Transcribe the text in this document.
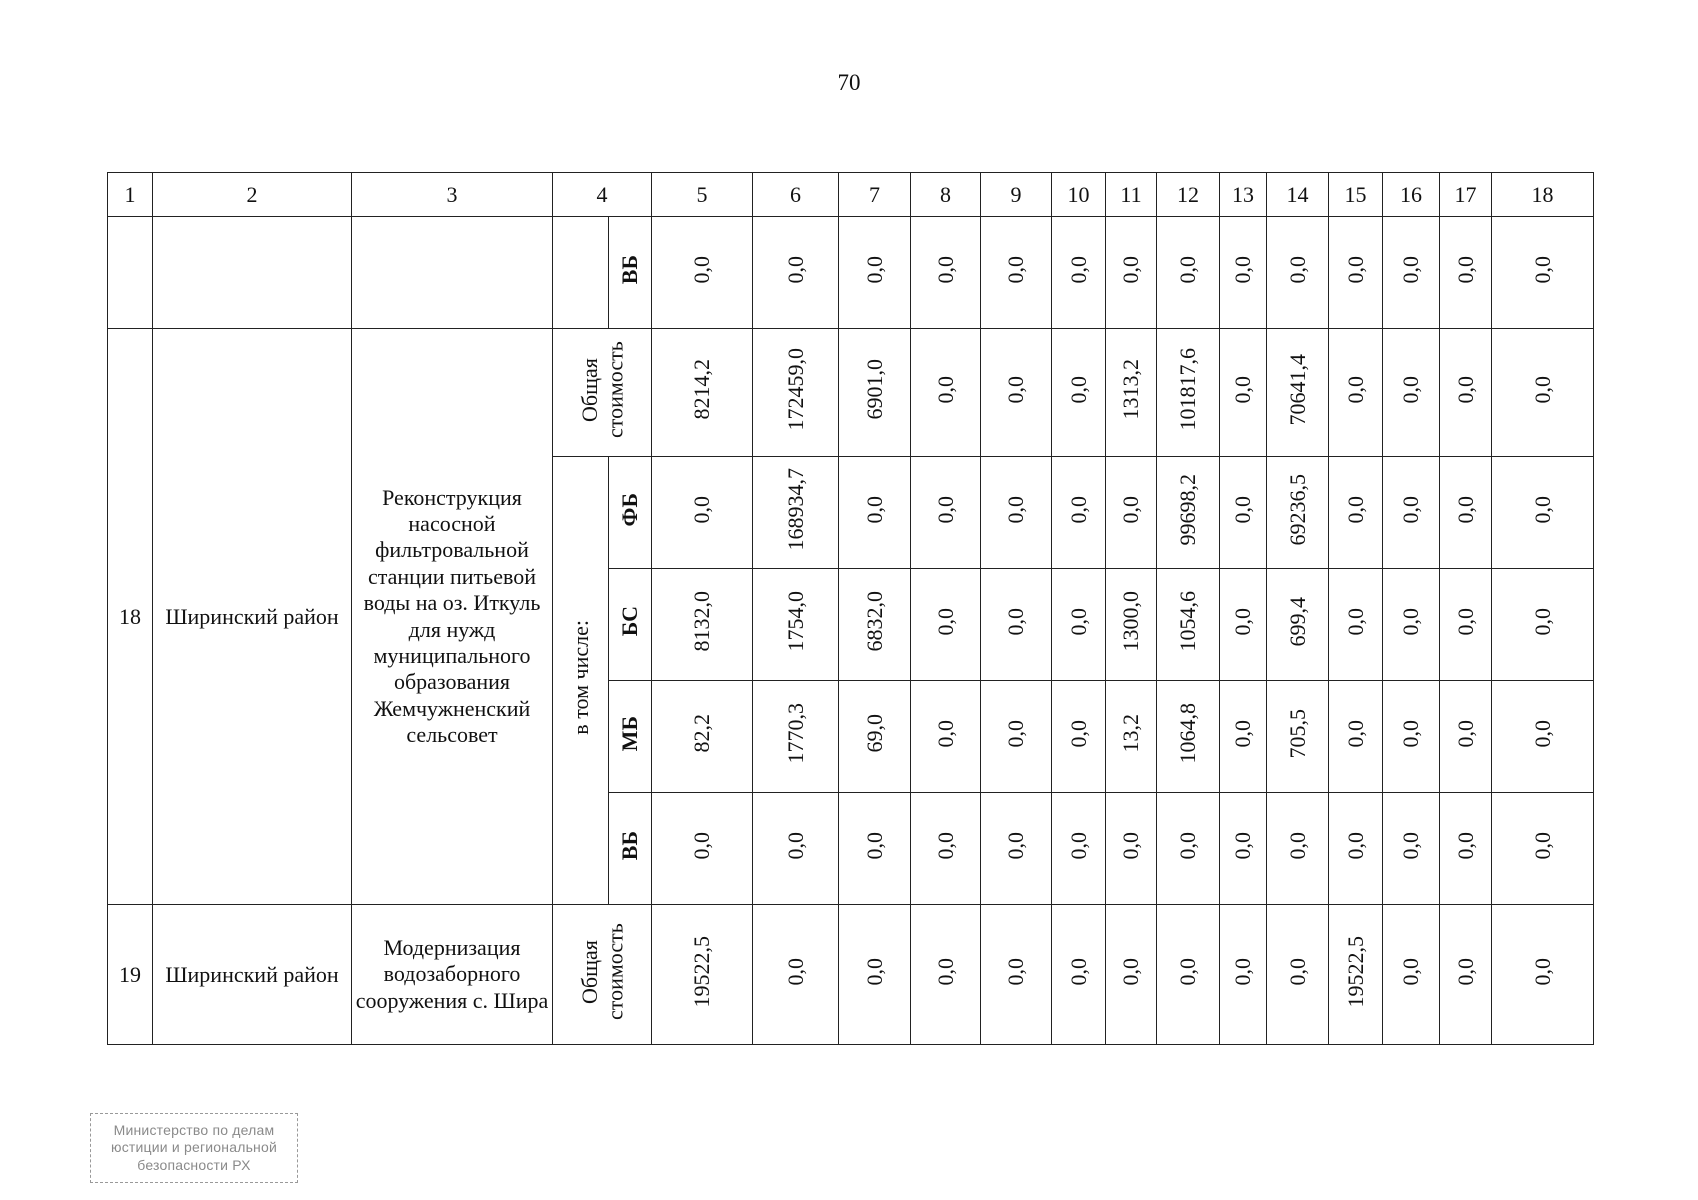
70
1	2	3	4		5	6	7	8	9	10	11	12	13	14	15	16	17	18
				ВБ	0,0	0,0	0,0	0,0	0,0	0,0	0,0	0,0	0,0	0,0	0,0	0,0	0,0	0,0
18	Ширинский район	Реконструкция насосной фильтровальной станции питьевой воды на оз. Иткуль для нужд муниципального образования Жемчужненский сельсовет	Общая стоимость		8214,2	172459,0	6901,0	0,0	0,0	0,0	1313,2	101817,6	0,0	70641,4	0,0	0,0	0,0	0,0
			в том числе:	ФБ	0,0	168934,7	0,0	0,0	0,0	0,0	0,0	99698,2	0,0	69236,5	0,0	0,0	0,0	0,0
				БС	8132,0	1754,0	6832,0	0,0	0,0	0,0	1300,0	1054,6	0,0	699,4	0,0	0,0	0,0	0,0
				МБ	82,2	1770,3	69,0	0,0	0,0	0,0	13,2	1064,8	0,0	705,5	0,0	0,0	0,0	0,0
				ВБ	0,0	0,0	0,0	0,0	0,0	0,0	0,0	0,0	0,0	0,0	0,0	0,0	0,0	0,0
19	Ширинский район	Модернизация водозаборного сооружения с. Шира	Общая стоимость		19522,5	0,0	0,0	0,0	0,0	0,0	0,0	0,0	0,0	0,0	19522,5	0,0	0,0	0,0
Министерство по делам
юстиции и региональной
безопасности РХ
